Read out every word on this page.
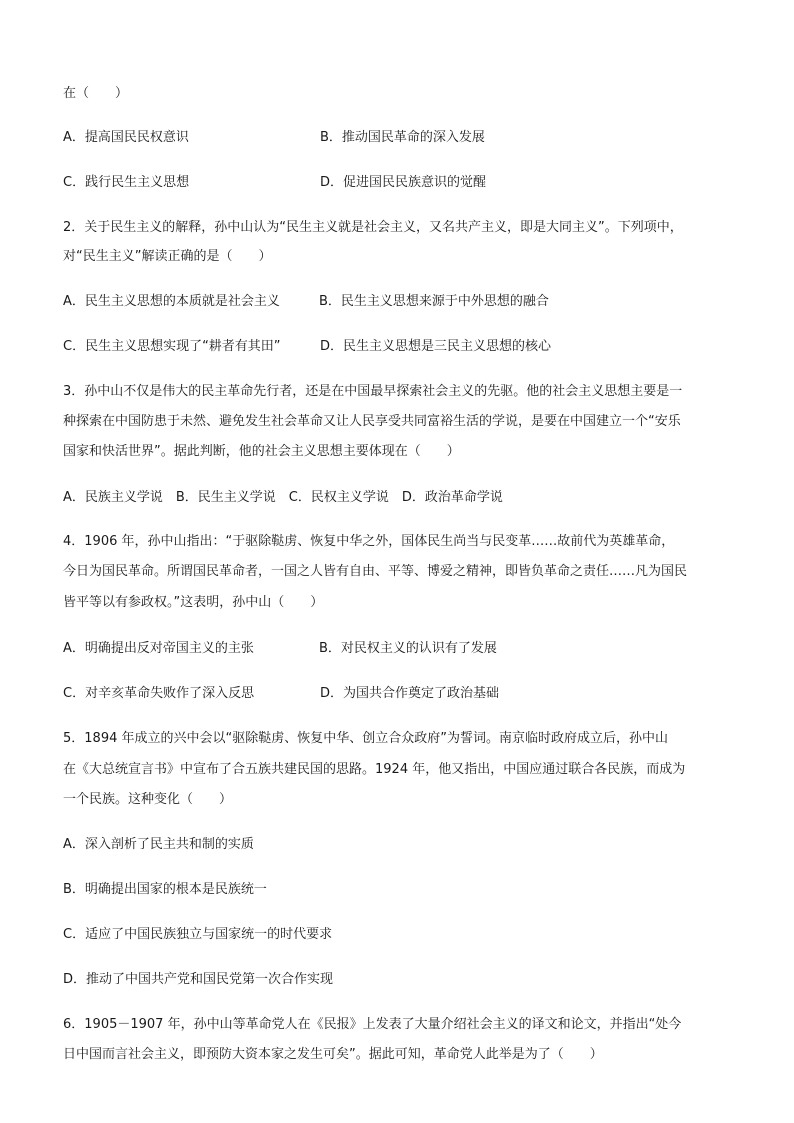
在（　　）
A．提高国民民权意识	B．推动国民革命的深入发展
C．践行民生主义思想	D．促进国民民族意识的觉醒
2．关于民生主义的解释，孙中山认为“民生主义就是社会主义，又名共产主义，即是大同主义”。下列项中，
对“民生主义”解读正确的是（　　）
A．民生主义思想的本质就是社会主义	B．民生主义思想来源于中外思想的融合
C．民生主义思想实现了“耕者有其田”	D．民生主义思想是三民主义思想的核心
3．孙中山不仅是伟大的民主革命先行者，还是在中国最早探索社会主义的先驱。他的社会主义思想主要是一
种探索在中国防患于未然、避免发生社会革命又让人民享受共同富裕生活的学说，是要在中国建立一个“安乐
国家和快活世界”。据此判断，他的社会主义思想主要体现在（　　）
A．民族主义学说　B．民生主义学说　C．民权主义学说　D．政治革命学说
4．1906 年，孙中山指出：“于驱除鞑虏、恢复中华之外，国体民生尚当与民变革……故前代为英雄革命，
今日为国民革命。所谓国民革命者，一国之人皆有自由、平等、博爱之精神，即皆负革命之责任……凡为国民
皆平等以有参政权。”这表明，孙中山（　　）
A．明确提出反对帝国主义的主张	B．对民权主义的认识有了发展
C．对辛亥革命失败作了深入反思	D．为国共合作奠定了政治基础
5．1894 年成立的兴中会以“驱除鞑虏、恢复中华、创立合众政府”为誓词。南京临时政府成立后，孙中山
在《大总统宣言书》中宣布了合五族共建民国的思路。1924 年，他又指出，中国应通过联合各民族，而成为
一个民族。这种变化（　　）
A．深入剖析了民主共和制的实质
B．明确提出国家的根本是民族统一
C．适应了中国民族独立与国家统一的时代要求
D．推动了中国共产党和国民党第一次合作实现
6．1905－1907 年，孙中山等革命党人在《民报》上发表了大量介绍社会主义的译文和论文，并指出“处今
日中国而言社会主义，即预防大资本家之发生可矣”。据此可知，革命党人此举是为了（　　）
